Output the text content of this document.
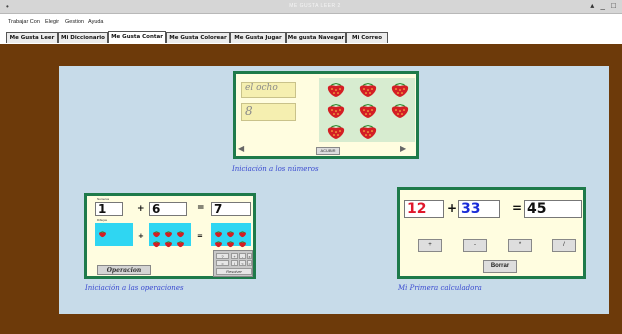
•	ME GUSTA LEER 2	▴ _ □
Trabajar Con Elegir Gestion Ayuda
Me Gusta Leer	Mi Diccionario	Me Gusta Contar	Me Gusta Colorear	Me Gusta Jugar	Me gusta Navegar	Mi Correo
el ocho
8
◀	ACUBIR	▶
Iniciación a los números
Numeros
1	+ 6	= 7
Dibujos
+	=
Operacion
+	-	x
/	<	>
=
?
Resolver
Iniciación a las operaciones
12	+ 33	= 45
+	-	*	/
Borrar
Mi Primera calculadora
